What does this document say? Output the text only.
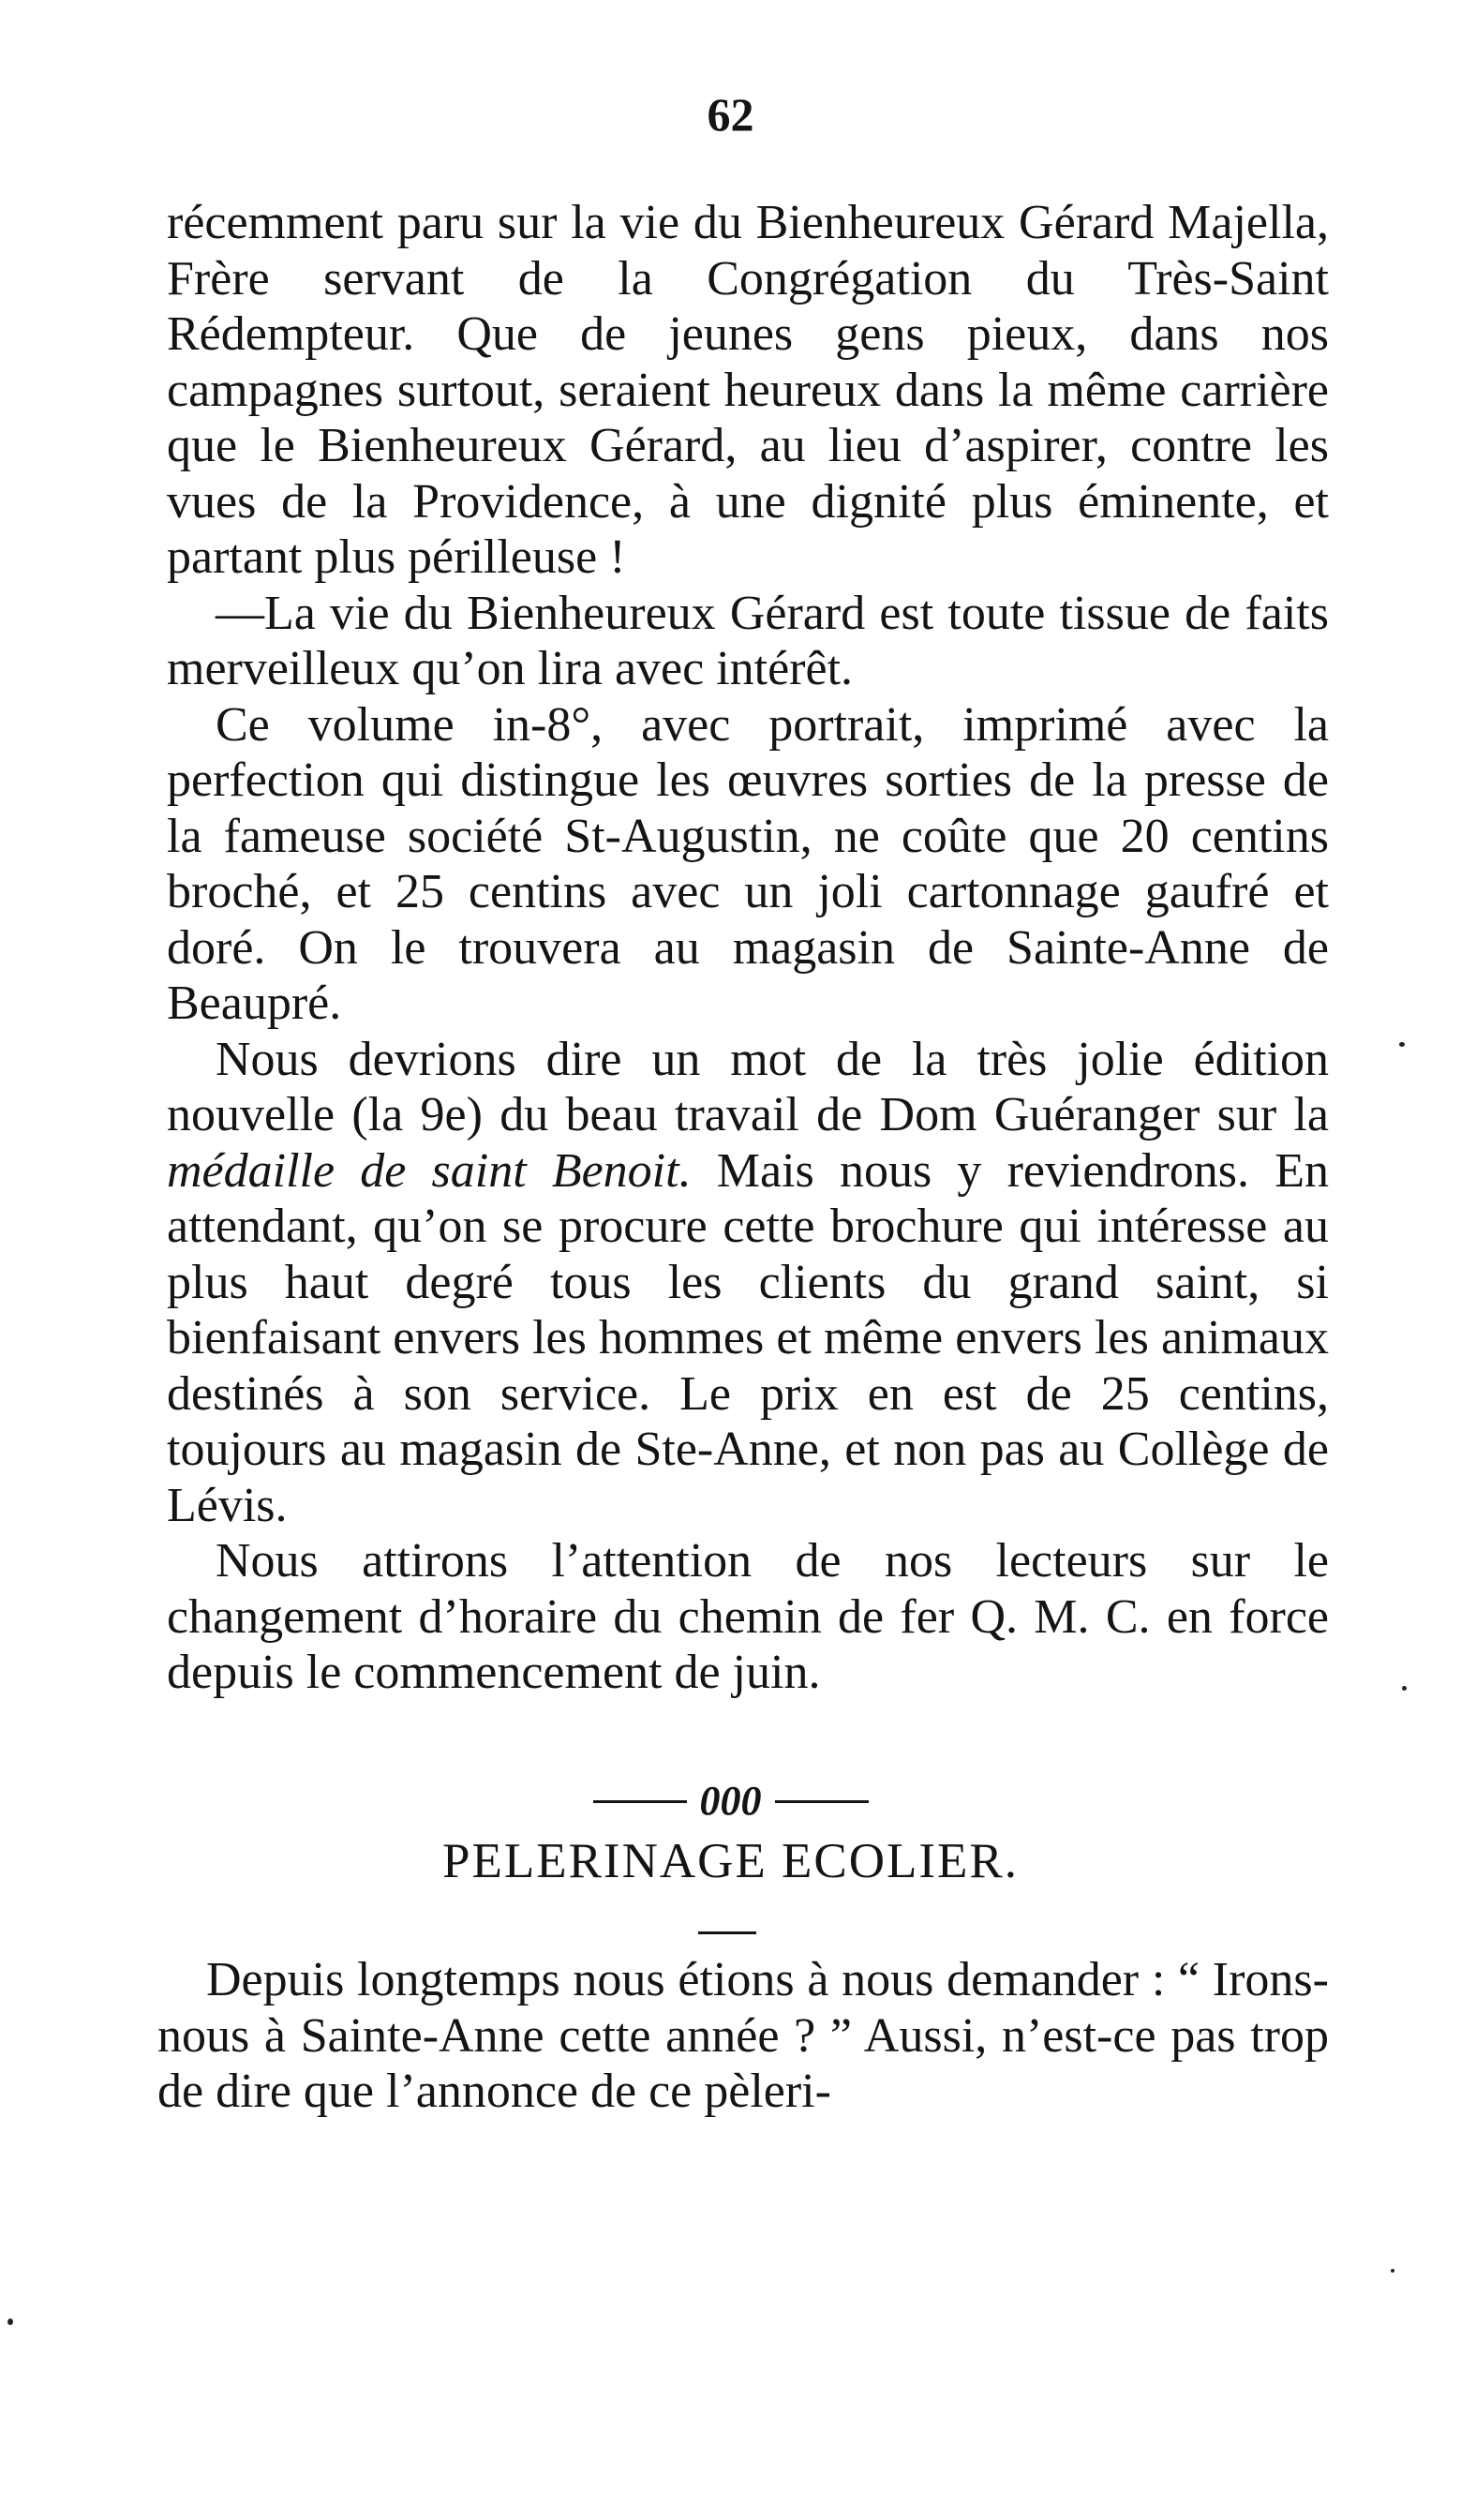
62

récemment paru sur la vie du Bienheureux Gérard Majella, Frère servant de la Congrégation du Très-Saint Rédempteur. Que de jeunes gens pieux, dans nos campagnes surtout, seraient heureux dans la même carrière que le Bienheureux Gérard, au lieu d’aspirer, contre les vues de la Providence, à une dignité plus éminente, et partant plus périlleuse !

—La vie du Bienheureux Gérard est toute tissue de faits merveilleux qu’on lira avec intérêt.

Ce volume in-8°, avec portrait, imprimé avec la perfection qui distingue les œuvres sorties de la presse de la fameuse société St-Augustin, ne coûte que 20 centins broché, et 25 centins avec un joli cartonnage gaufré et doré. On le trouvera au magasin de Sainte-Anne de Beaupré.

Nous devrions dire un mot de la très jolie édition nouvelle (la 9e) du beau travail de Dom Guéranger sur la médaille de saint Benoit. Mais nous y reviendrons. En attendant, qu’on se procure cette brochure qui intéresse au plus haut degré tous les clients du grand saint, si bienfaisant envers les hommes et même envers les animaux destinés à son service. Le prix en est de 25 centins, toujours au magasin de Ste-Anne, et non pas au Collège de Lévis.

Nous attirons l’attention de nos lecteurs sur le changement d’horaire du chemin de fer Q. M. C. en force depuis le commencement de juin.

000
PELERINAGE ECOLIER.

Depuis longtemps nous étions à nous demander : “ Irons-nous à Sainte-Anne cette année ? ” Aussi, n’est-ce pas trop de dire que l’annonce de ce pèleri-
